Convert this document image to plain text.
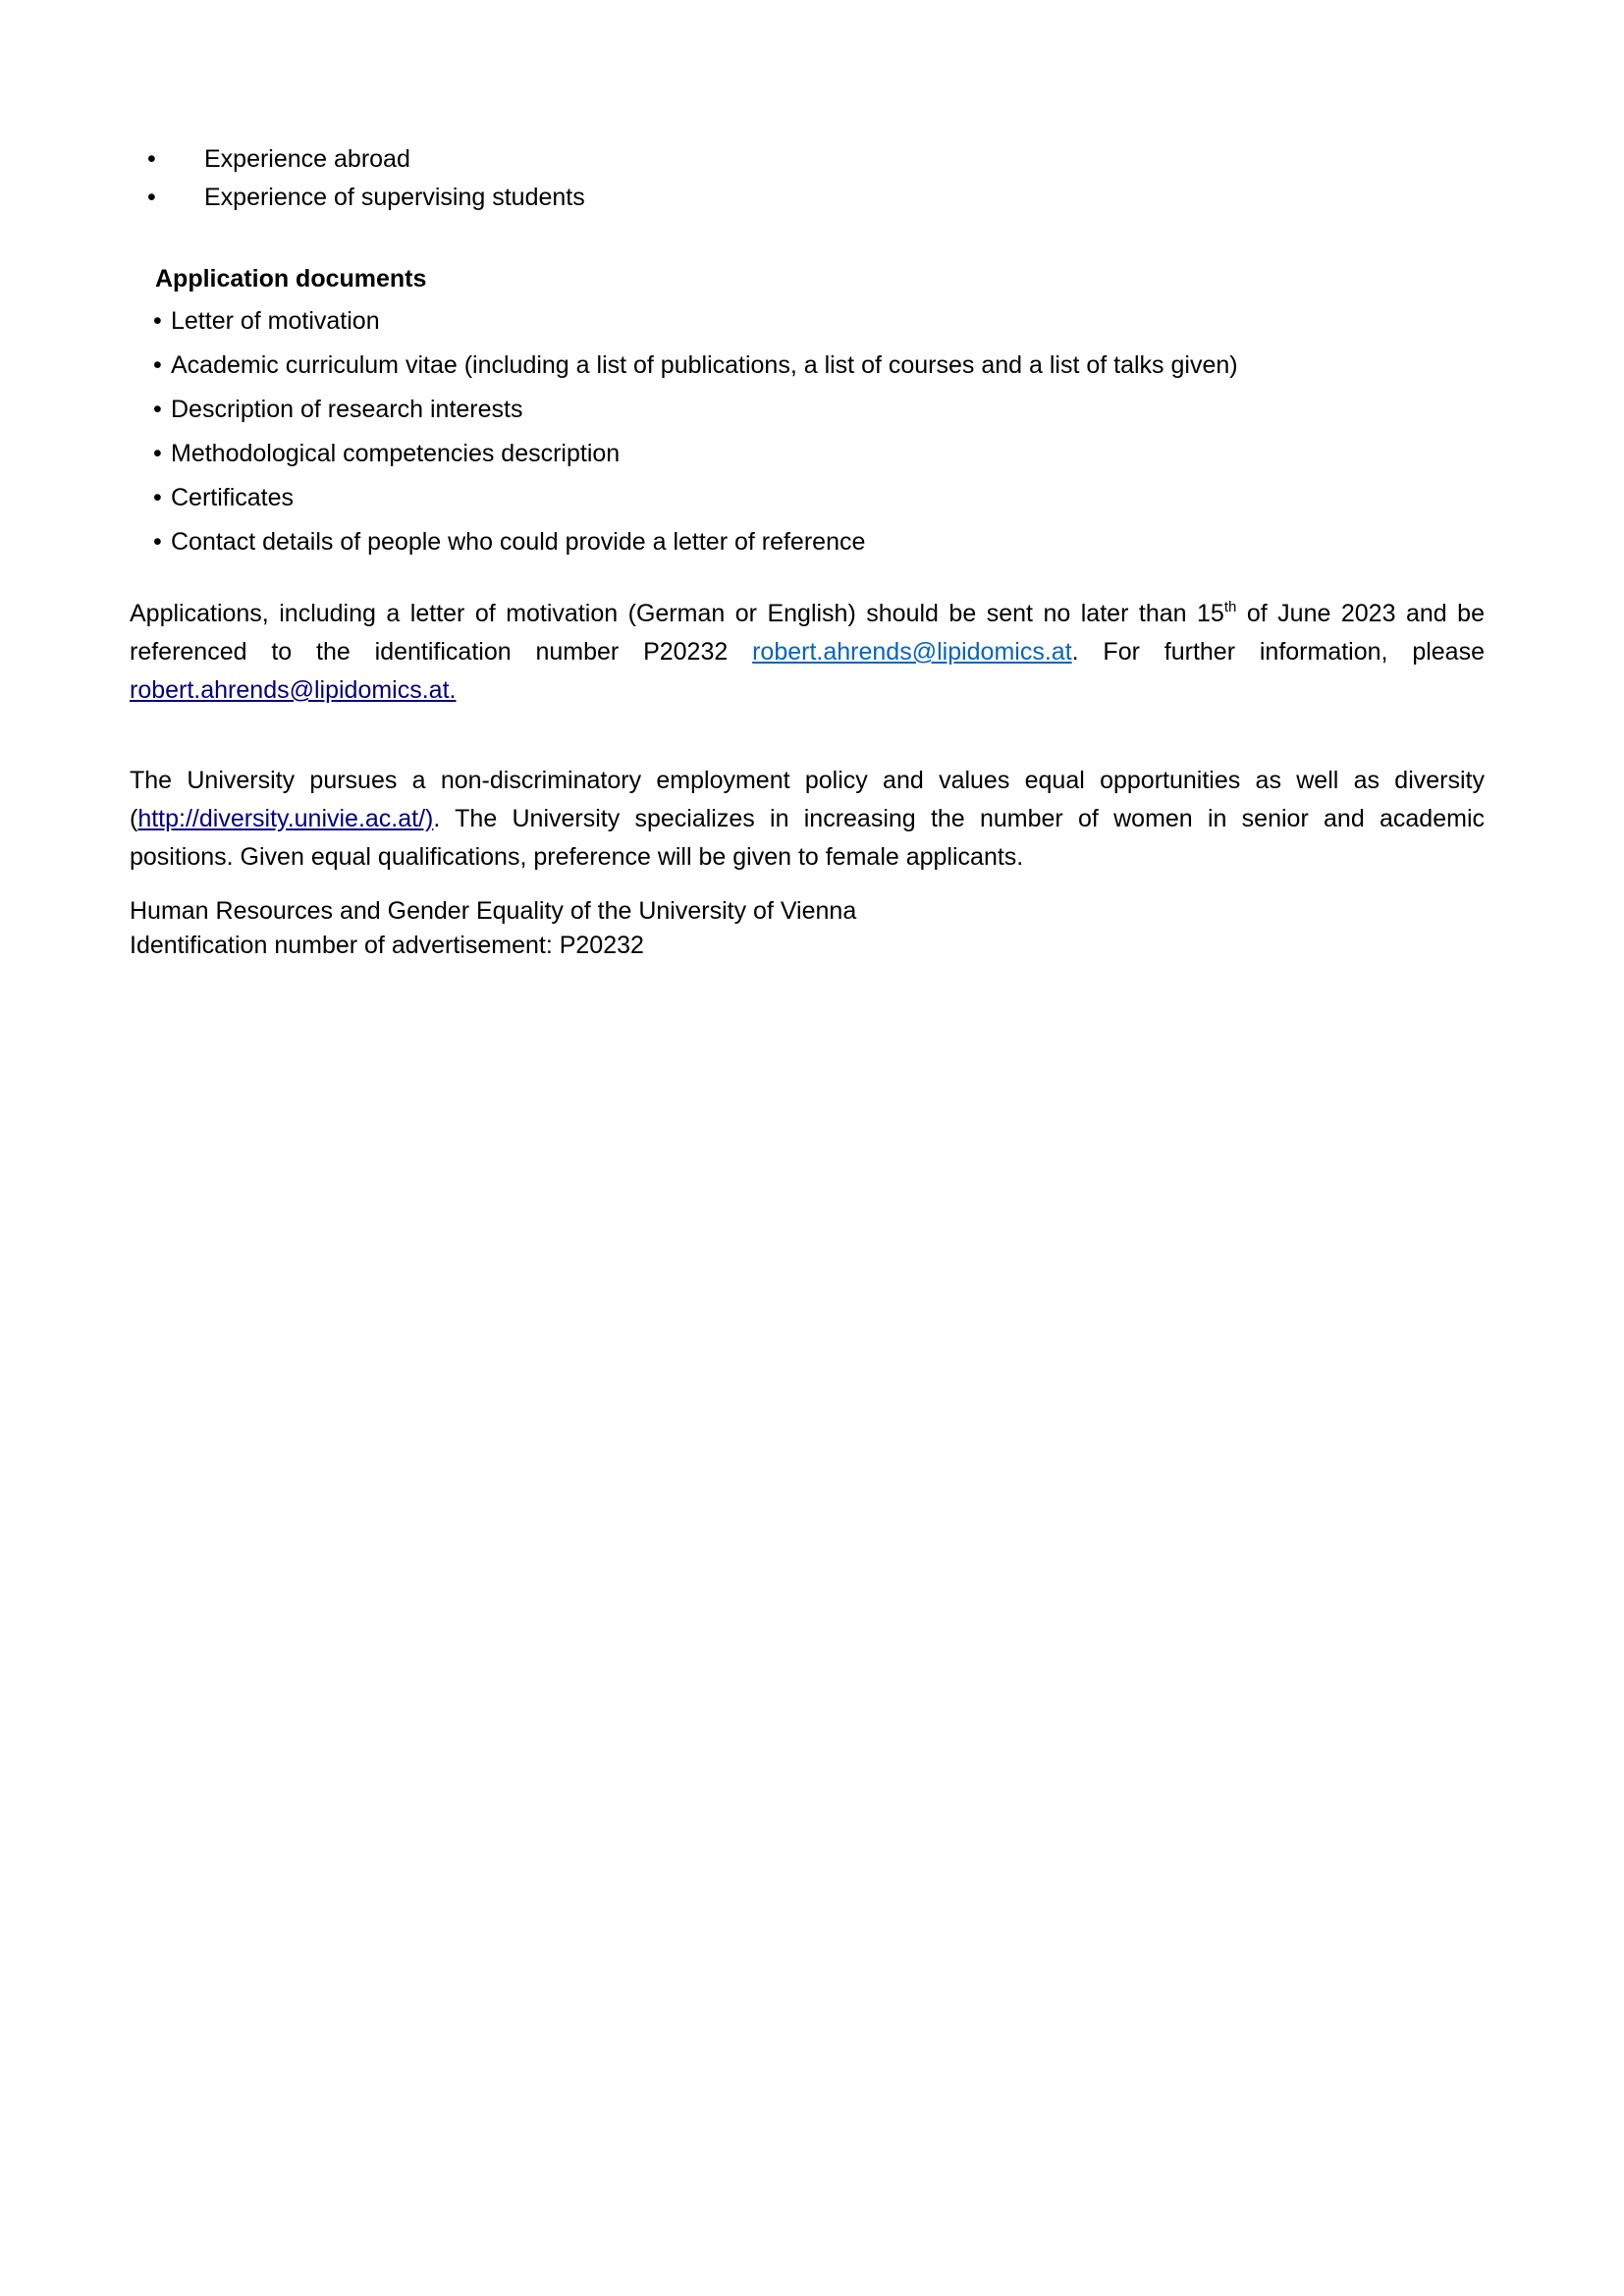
• Experience abroad
• Experience of supervising students
Application documents
• Letter of motivation
• Academic curriculum vitae (including a list of publications, a list of courses and a list of talks given)
• Description of research interests
• Methodological competencies description
• Certificates
• Contact details of people who could provide a letter of reference

Applications, including a letter of motivation (German or English) should be sent no later than 15th of June 2023 and be referenced to the identification number P20232 robert.ahrends@lipidomics.at. For further information, please robert.ahrends@lipidomics.at.

The University pursues a non-discriminatory employment policy and values equal opportunities as well as diversity (http://diversity.univie.ac.at/). The University specializes in increasing the number of women in senior and academic positions. Given equal qualifications, preference will be given to female applicants.

Human Resources and Gender Equality of the University of Vienna
Identification number of advertisement: P20232
